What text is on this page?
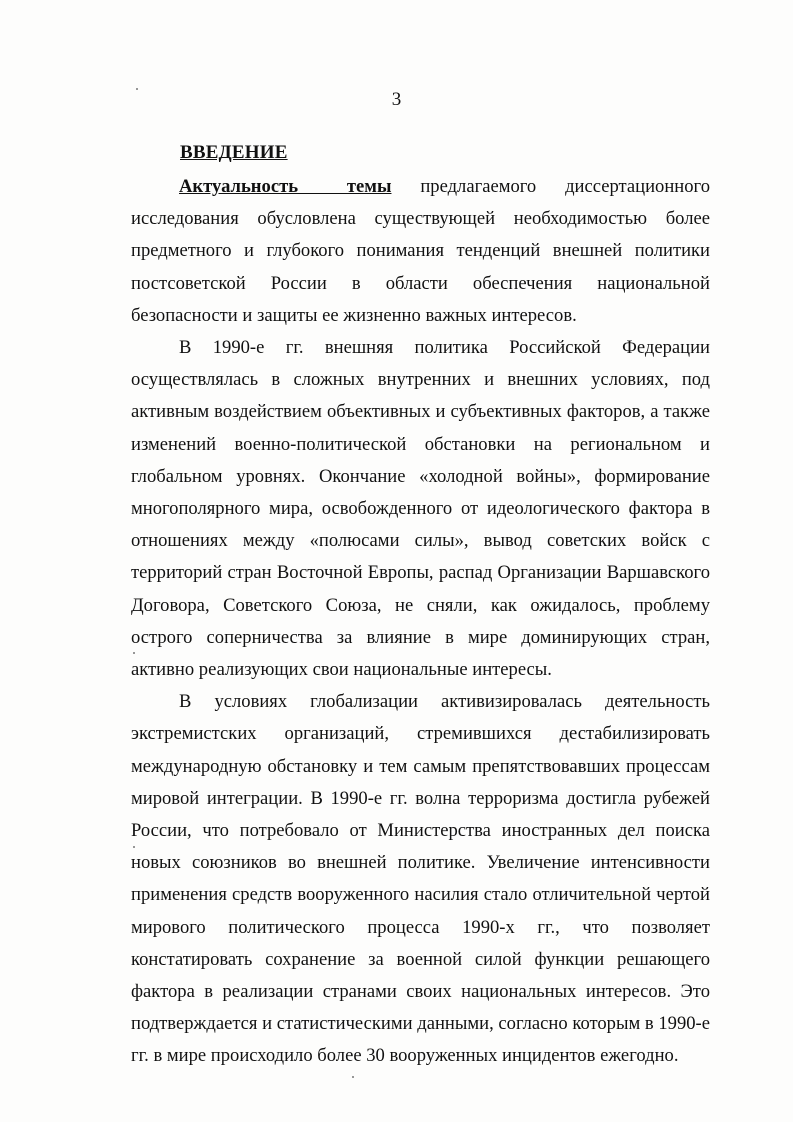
3
ВВЕДЕНИЕ

Актуальность темы предлагаемого диссертационного исследования обусловлена существующей необходимостью более предметного и глубокого понимания тенденций внешней политики постсоветской России в области обеспечения национальной безопасности и защиты ее жизненно важных интересов.

В 1990-е гг. внешняя политика Российской Федерации осуществлялась в сложных внутренних и внешних условиях, под активным воздействием объективных и субъективных факторов, а также изменений военно-политической обстановки на региональном и глобальном уровнях. Окончание «холодной войны», формирование многополярного мира, освобожденного от идеологического фактора в отношениях между «полюсами силы», вывод советских войск с территорий стран Восточной Европы, распад Организации Варшавского Договора, Советского Союза, не сняли, как ожидалось, проблему острого соперничества за влияние в мире доминирующих стран, активно реализующих свои национальные интересы.

В условиях глобализации активизировалась деятельность экстремистских организаций, стремившихся дестабилизировать международную обстановку и тем самым препятствовавших процессам мировой интеграции. В 1990-е гг. волна терроризма достигла рубежей России, что потребовало от Министерства иностранных дел поиска новых союзников во внешней политике. Увеличение интенсивности применения средств вооруженного насилия стало отличительной чертой мирового политического процесса 1990-х гг., что позволяет констатировать сохранение за военной силой функции решающего фактора в реализации странами своих национальных интересов. Это подтверждается и статистическими данными, согласно которым в 1990-е гг. в мире происходило более 30 вооруженных инцидентов ежегодно.
